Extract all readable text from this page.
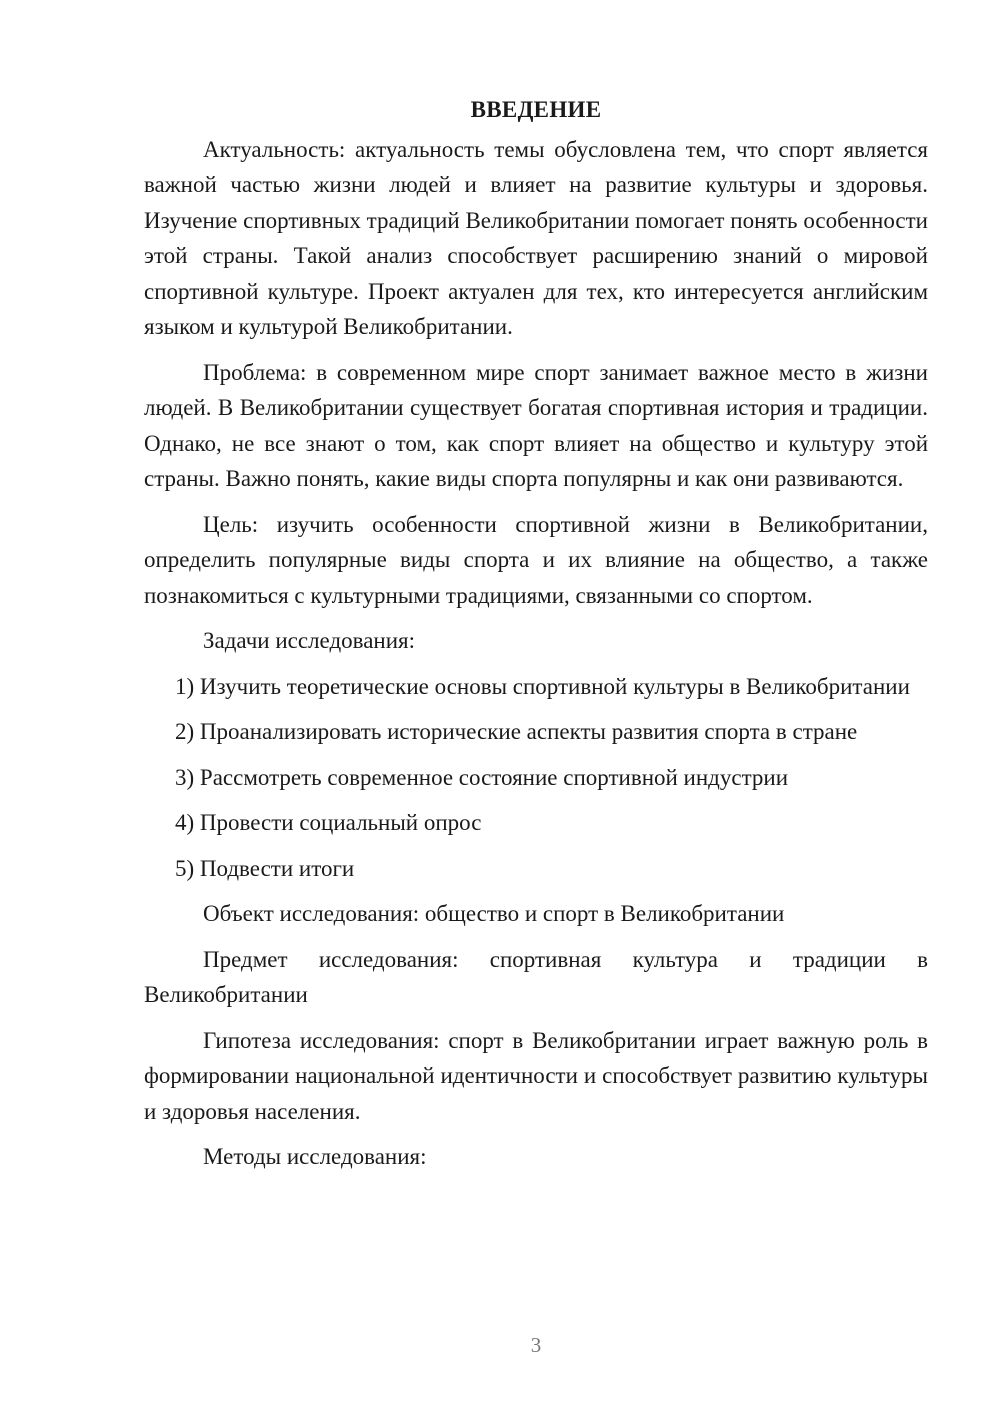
ВВЕДЕНИЕ

Актуальность: актуальность темы обусловлена тем, что спорт является важной частью жизни людей и влияет на развитие культуры и здоровья. Изучение спортивных традиций Великобритании помогает понять особенности этой страны. Такой анализ способствует расширению знаний о мировой спортивной культуре. Проект актуален для тех, кто интересуется английским языком и культурой Великобритании.

Проблема: в современном мире спорт занимает важное место в жизни людей. В Великобритании существует богатая спортивная история и традиции. Однако, не все знают о том, как спорт влияет на общество и культуру этой страны. Важно понять, какие виды спорта популярны и как они развиваются.

Цель: изучить особенности спортивной жизни в Великобритании, определить популярные виды спорта и их влияние на общество, а также познакомиться с культурными традициями, связанными со спортом.

Задачи исследования:

1) Изучить теоретические основы спортивной культуры в Великобритании

2) Проанализировать исторические аспекты развития спорта в стране

3) Рассмотреть современное состояние спортивной индустрии

4) Провести социальный опрос

5) Подвести итоги

Объект исследования: общество и спорт в Великобритании

Предмет исследования: спортивная культура и традиции в Великобритании

Гипотеза исследования: спорт в Великобритании играет важную роль в формировании национальной идентичности и способствует развитию культуры и здоровья населения.

Методы исследования:

3
